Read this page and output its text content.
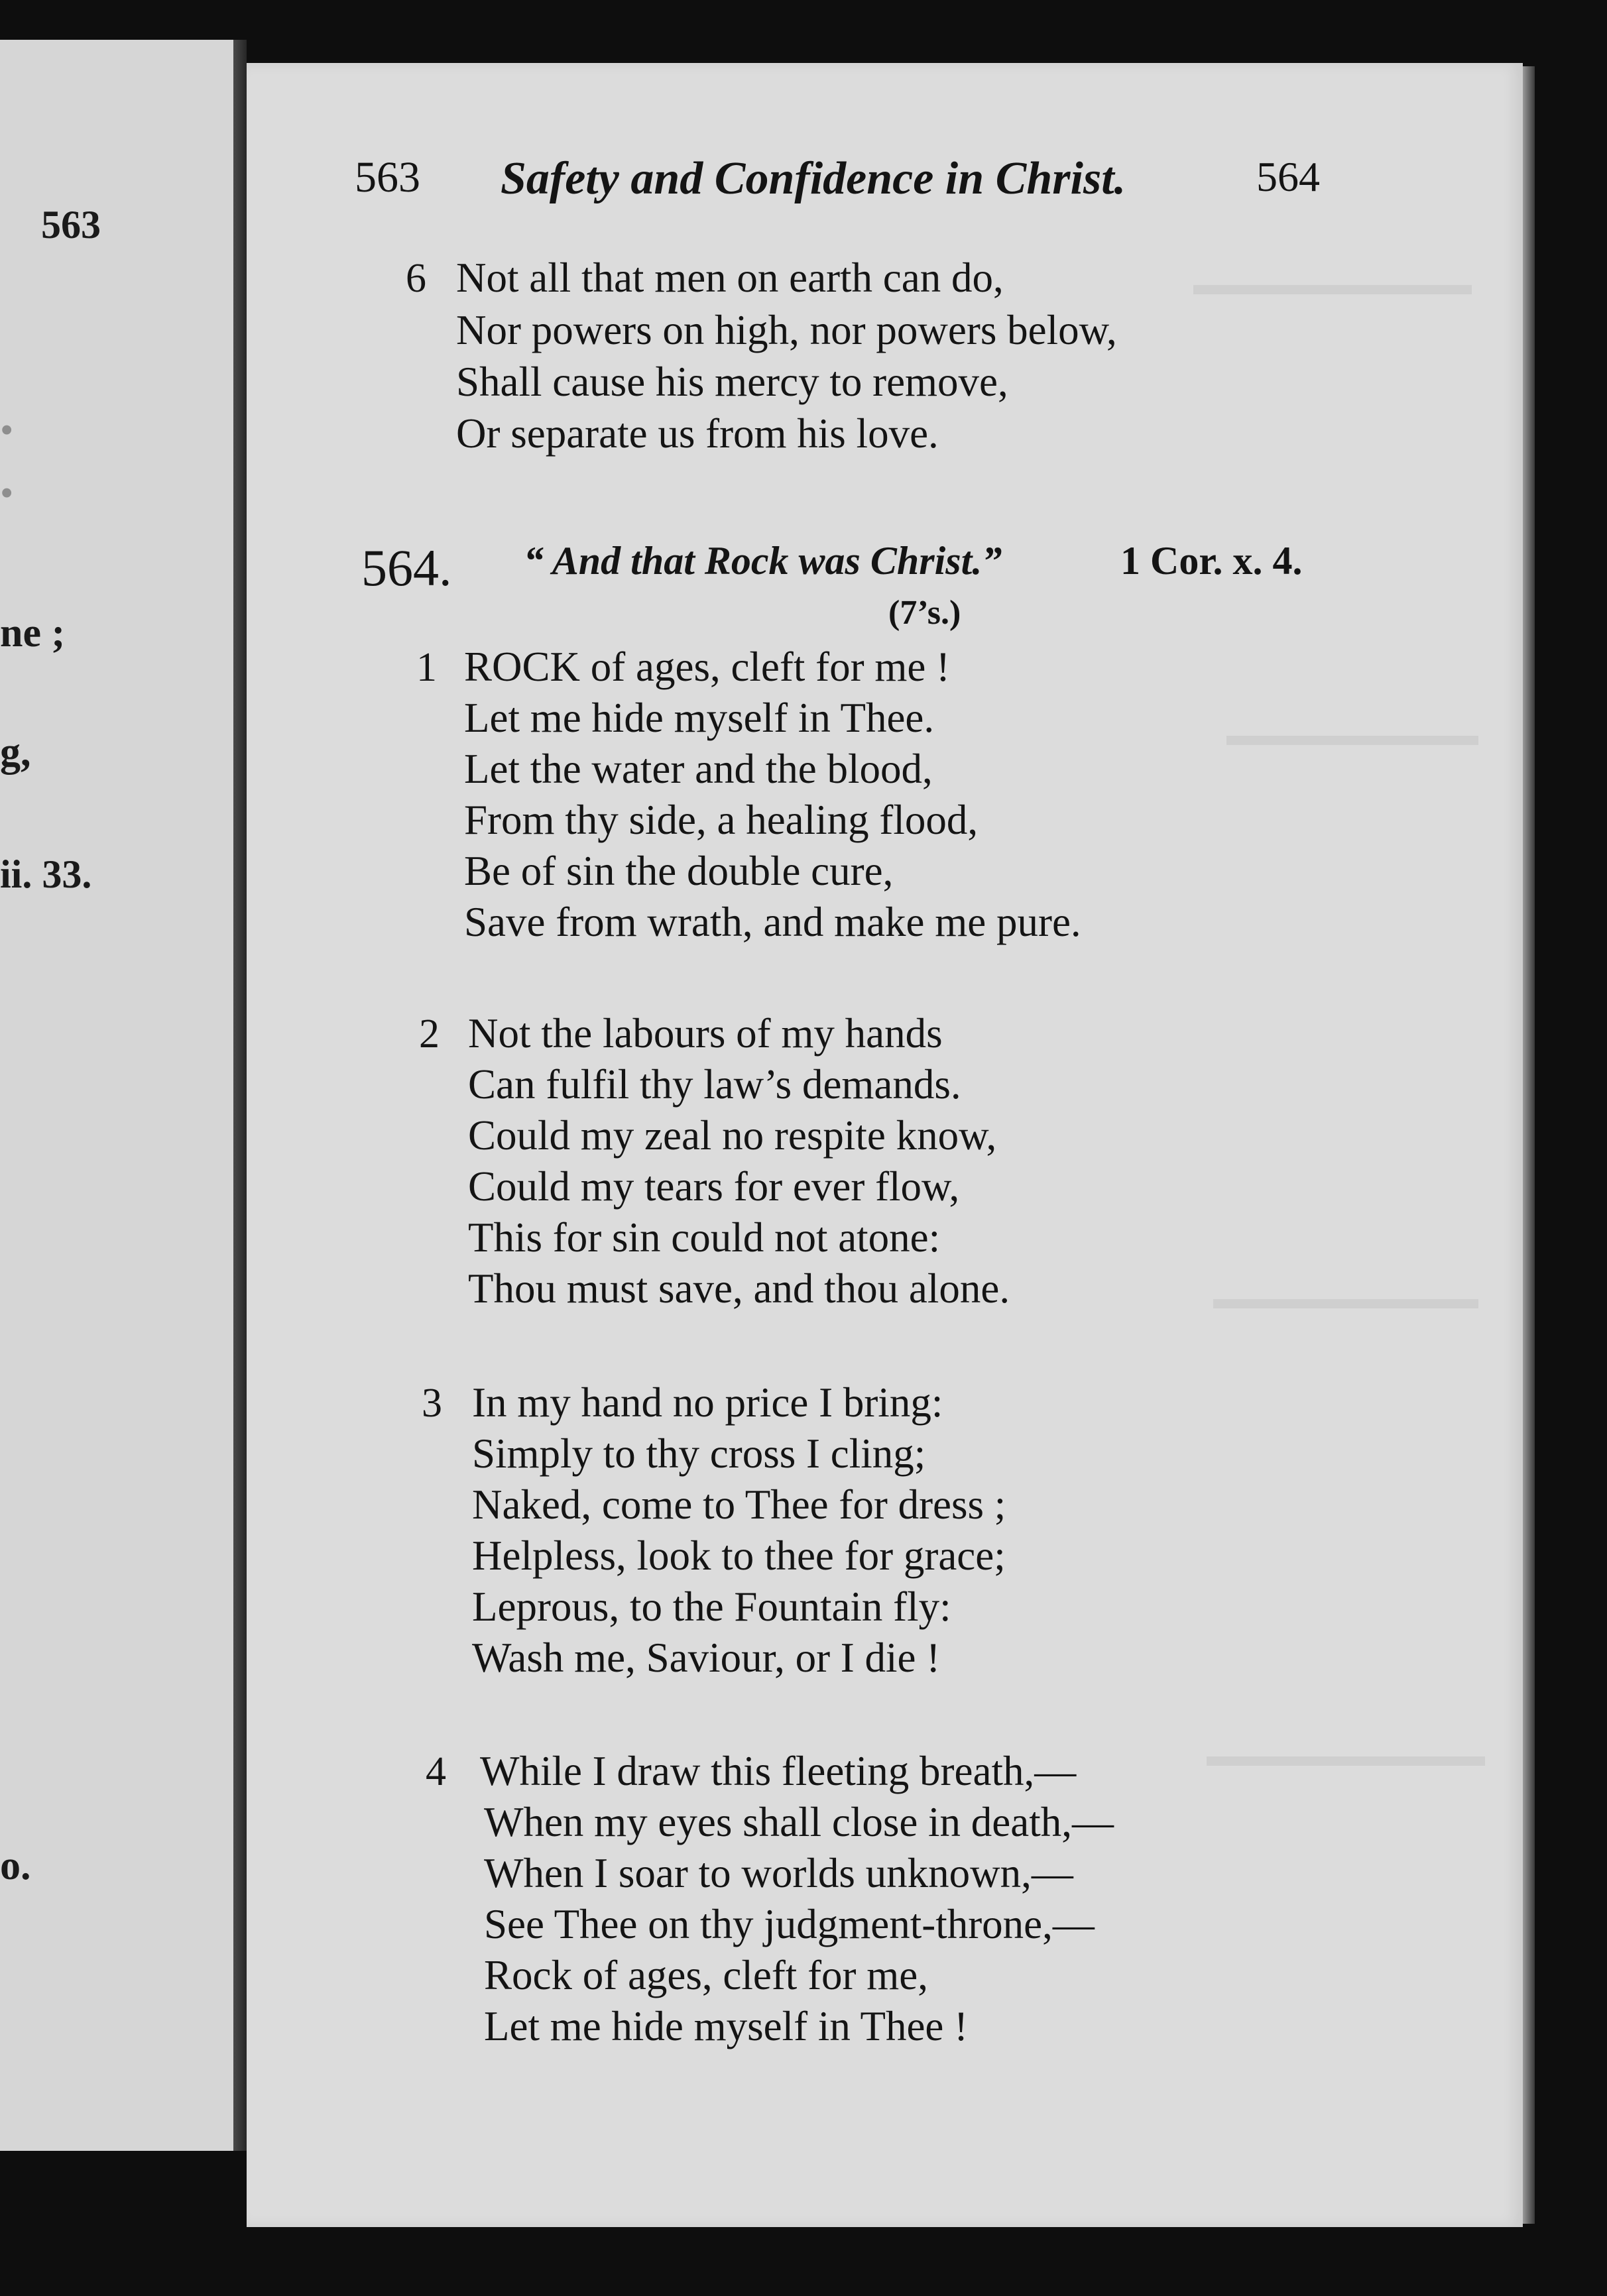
563
•
•
ne ;
g,
ii. 33.
o.
563 Safety and Confidence in Christ.	564
6 Not all that men on earth can do,
Nor powers on high, nor powers below,
Shall cause his mercy to remove,
Or separate us from his love.
564. “ And that Rock was Christ.”	1 Cor. x. 4.
(7’s.)
1 ROCK of ages, cleft for me !
Let me hide myself in Thee.
Let the water and the blood,
From thy side, a healing flood,
Be of sin the double cure,
Save from wrath, and make me pure.
2 Not the labours of my hands
Can fulfil thy law’s demands.
Could my zeal no respite know,
Could my tears for ever flow,
This for sin could not atone:
Thou must save, and thou alone.
3 In my hand no price I bring:
Simply to thy cross I cling;
Naked, come to Thee for dress ;
Helpless, look to thee for grace;
Leprous, to the Fountain fly:
Wash me, Saviour, or I die !
4 While I draw this fleeting breath,—
When my eyes shall close in death,—
When I soar to worlds unknown,—
See Thee on thy judgment-throne,—
Rock of ages, cleft for me,
Let me hide myself in Thee !
